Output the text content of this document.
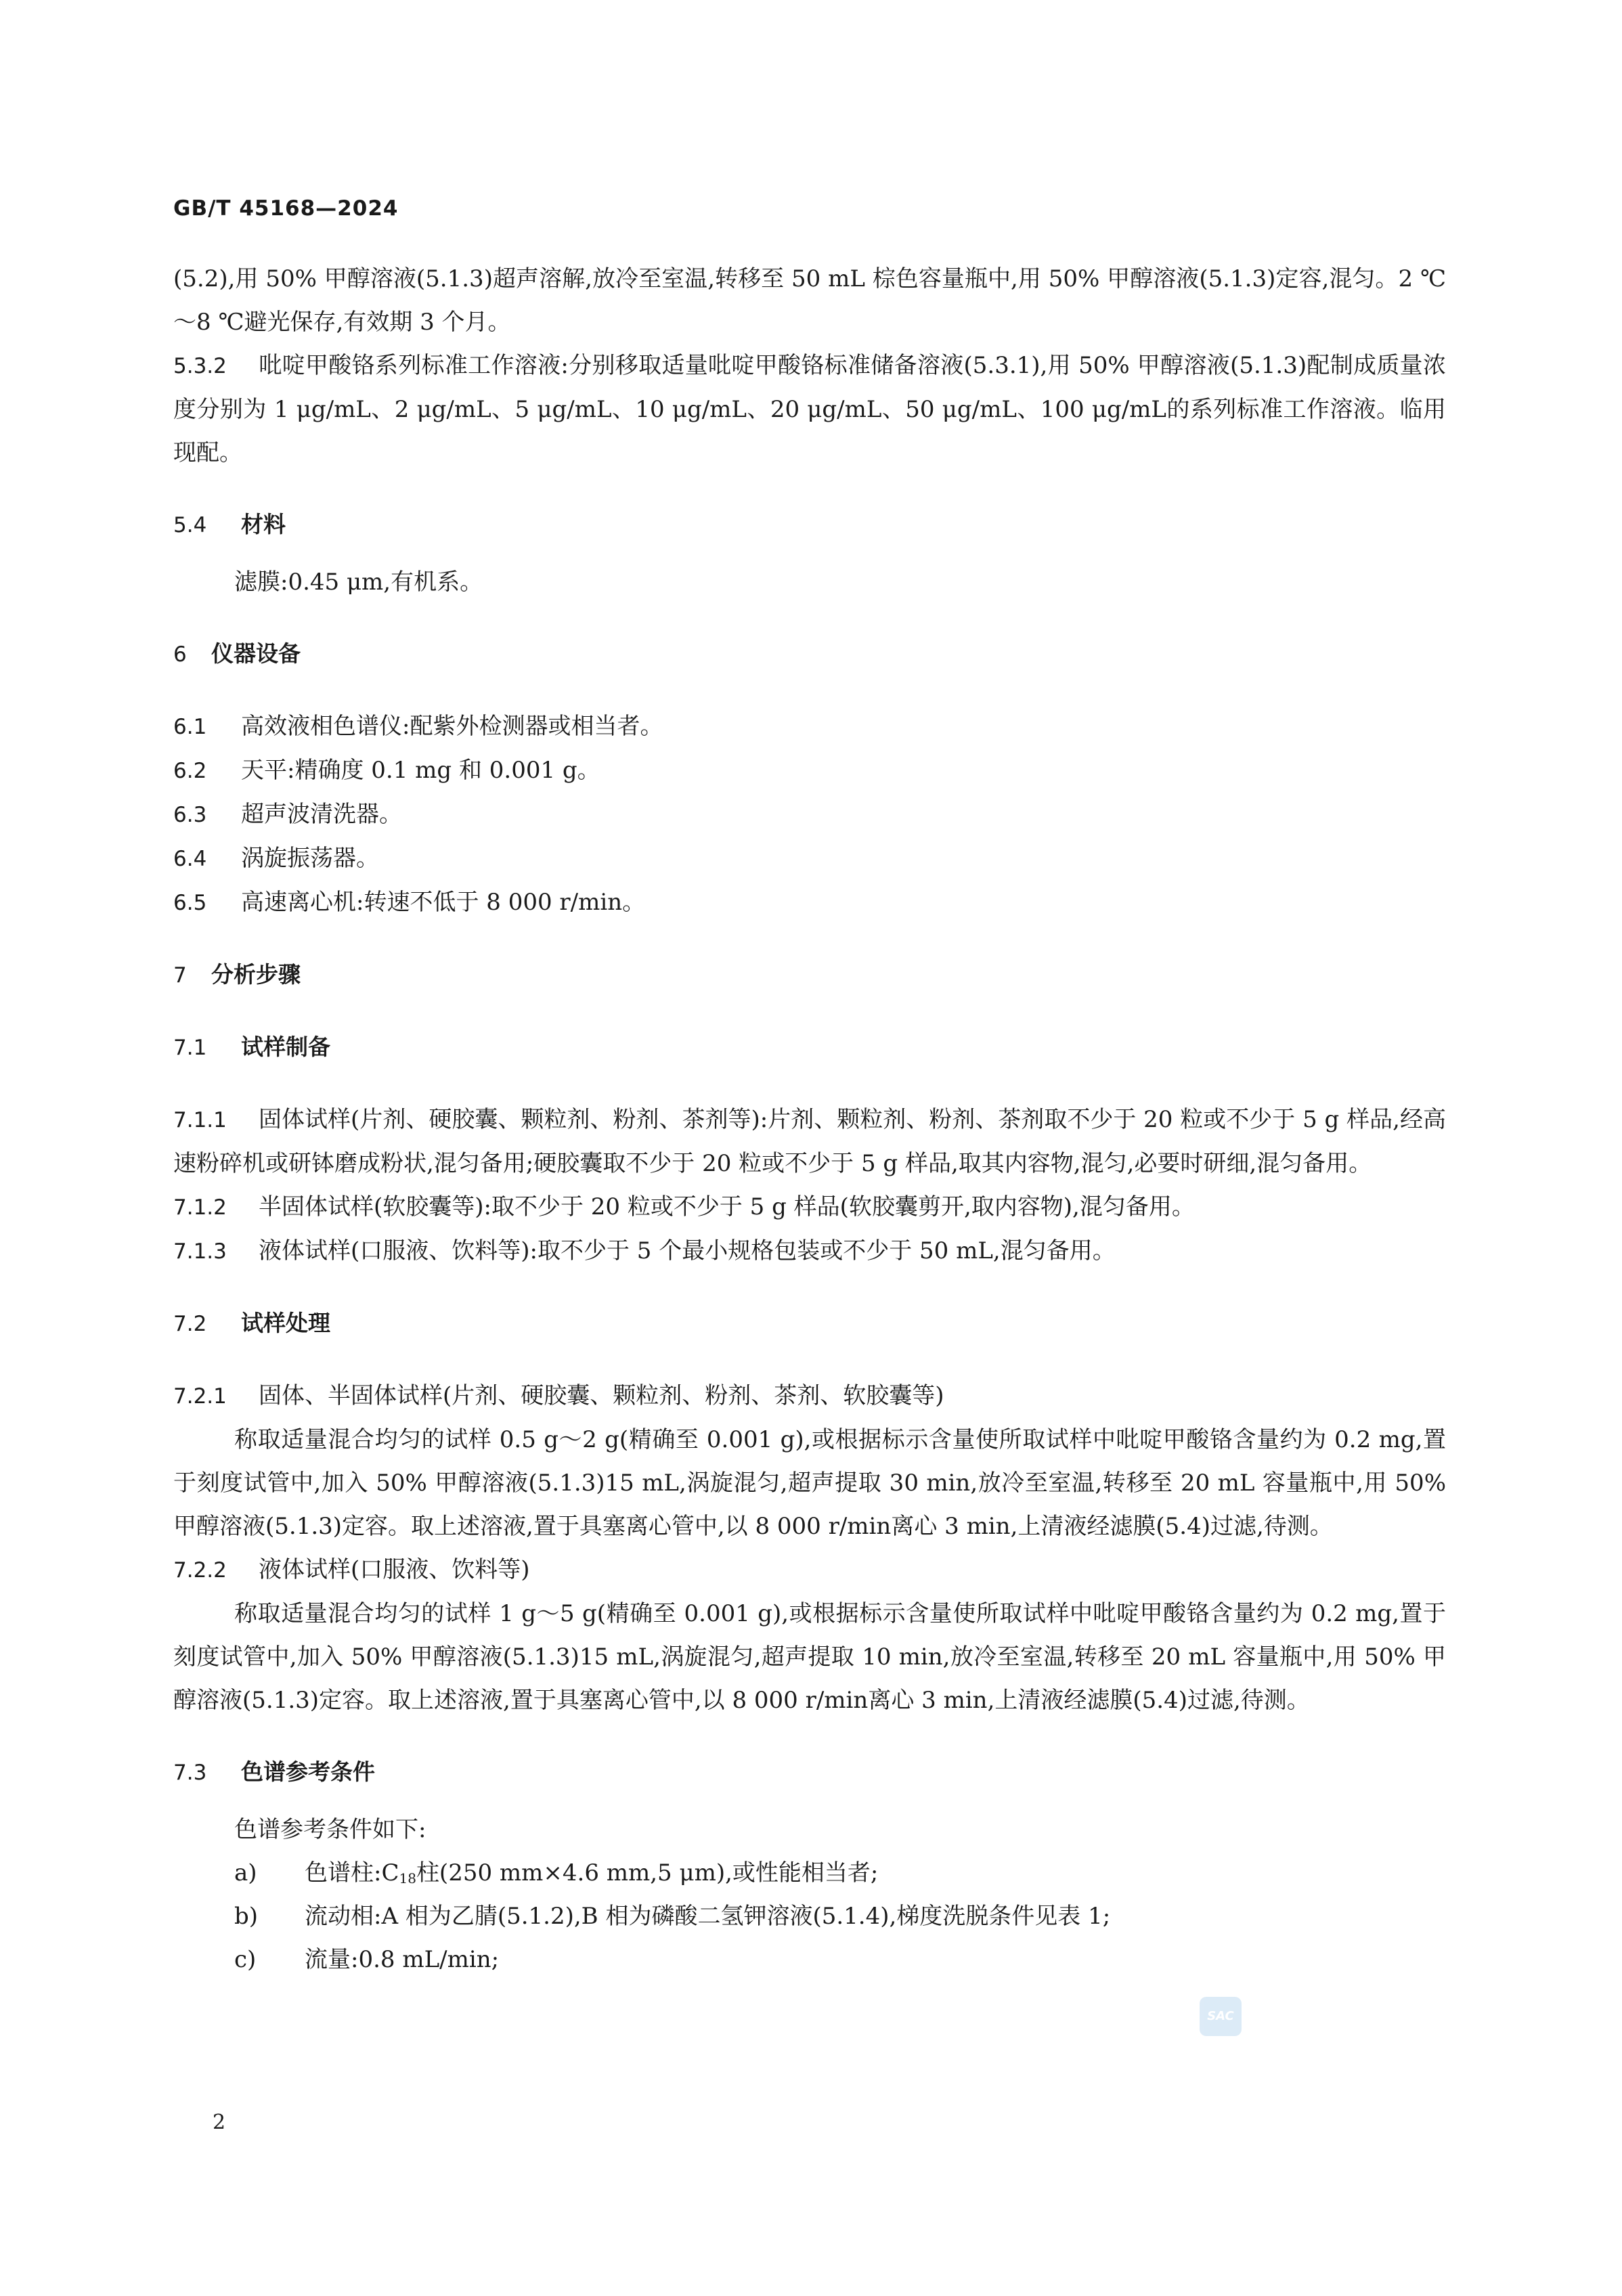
GB/T 45168—2024

(5.2),用 50% 甲醇溶液(5.1.3)超声溶解,放冷至室温,转移至 50 mL 棕色容量瓶中,用 50% 甲醇溶液(5.1.3)定容,混匀。2 ℃～8 ℃避光保存,有效期 3 个月。

5.3.2 吡啶甲酸铬系列标准工作溶液:分别移取适量吡啶甲酸铬标准储备溶液(5.3.1),用 50% 甲醇溶液(5.1.3)配制成质量浓度分别为 1 μg/mL、2 μg/mL、5 μg/mL、10 μg/mL、20 μg/mL、50 μg/mL、100 μg/mL的系列标准工作溶液。临用现配。

5.4 材料

滤膜:0.45 μm,有机系。

6 仪器设备

6.1 高效液相色谱仪:配紫外检测器或相当者。

6.2 天平:精确度 0.1 mg 和 0.001 g。

6.3 超声波清洗器。

6.4 涡旋振荡器。

6.5 高速离心机:转速不低于 8 000 r/min。

7 分析步骤

7.1 试样制备

7.1.1 固体试样(片剂、硬胶囊、颗粒剂、粉剂、茶剂等):片剂、颗粒剂、粉剂、茶剂取不少于 20 粒或不少于 5 g 样品,经高速粉碎机或研钵磨成粉状,混匀备用;硬胶囊取不少于 20 粒或不少于 5 g 样品,取其内容物,混匀,必要时研细,混匀备用。

7.1.2 半固体试样(软胶囊等):取不少于 20 粒或不少于 5 g 样品(软胶囊剪开,取内容物),混匀备用。

7.1.3 液体试样(口服液、饮料等):取不少于 5 个最小规格包装或不少于 50 mL,混匀备用。

7.2 试样处理

7.2.1 固体、半固体试样(片剂、硬胶囊、颗粒剂、粉剂、茶剂、软胶囊等)

称取适量混合均匀的试样 0.5 g～2 g(精确至 0.001 g),或根据标示含量使所取试样中吡啶甲酸铬含量约为 0.2 mg,置于刻度试管中,加入 50% 甲醇溶液(5.1.3)15 mL,涡旋混匀,超声提取 30 min,放冷至室温,转移至 20 mL 容量瓶中,用 50% 甲醇溶液(5.1.3)定容。取上述溶液,置于具塞离心管中,以 8 000 r/min离心 3 min,上清液经滤膜(5.4)过滤,待测。

7.2.2 液体试样(口服液、饮料等)

称取适量混合均匀的试样 1 g～5 g(精确至 0.001 g),或根据标示含量使所取试样中吡啶甲酸铬含量约为 0.2 mg,置于刻度试管中,加入 50% 甲醇溶液(5.1.3)15 mL,涡旋混匀,超声提取 10 min,放冷至室温,转移至 20 mL 容量瓶中,用 50% 甲醇溶液(5.1.3)定容。取上述溶液,置于具塞离心管中,以 8 000 r/min离心 3 min,上清液经滤膜(5.4)过滤,待测。

7.3 色谱参考条件

色谱参考条件如下:

a) 色谱柱$:C_{18}$柱(250 mm×4.6 mm,5 μm),或性能相当者;

b) 流动相:A 相为乙腈(5.1.2),B 相为磷酸二氢钾溶液(5.1.4),梯度洗脱条件见表 1;

c) 流量:0.8 mL/min;

SAC
2
